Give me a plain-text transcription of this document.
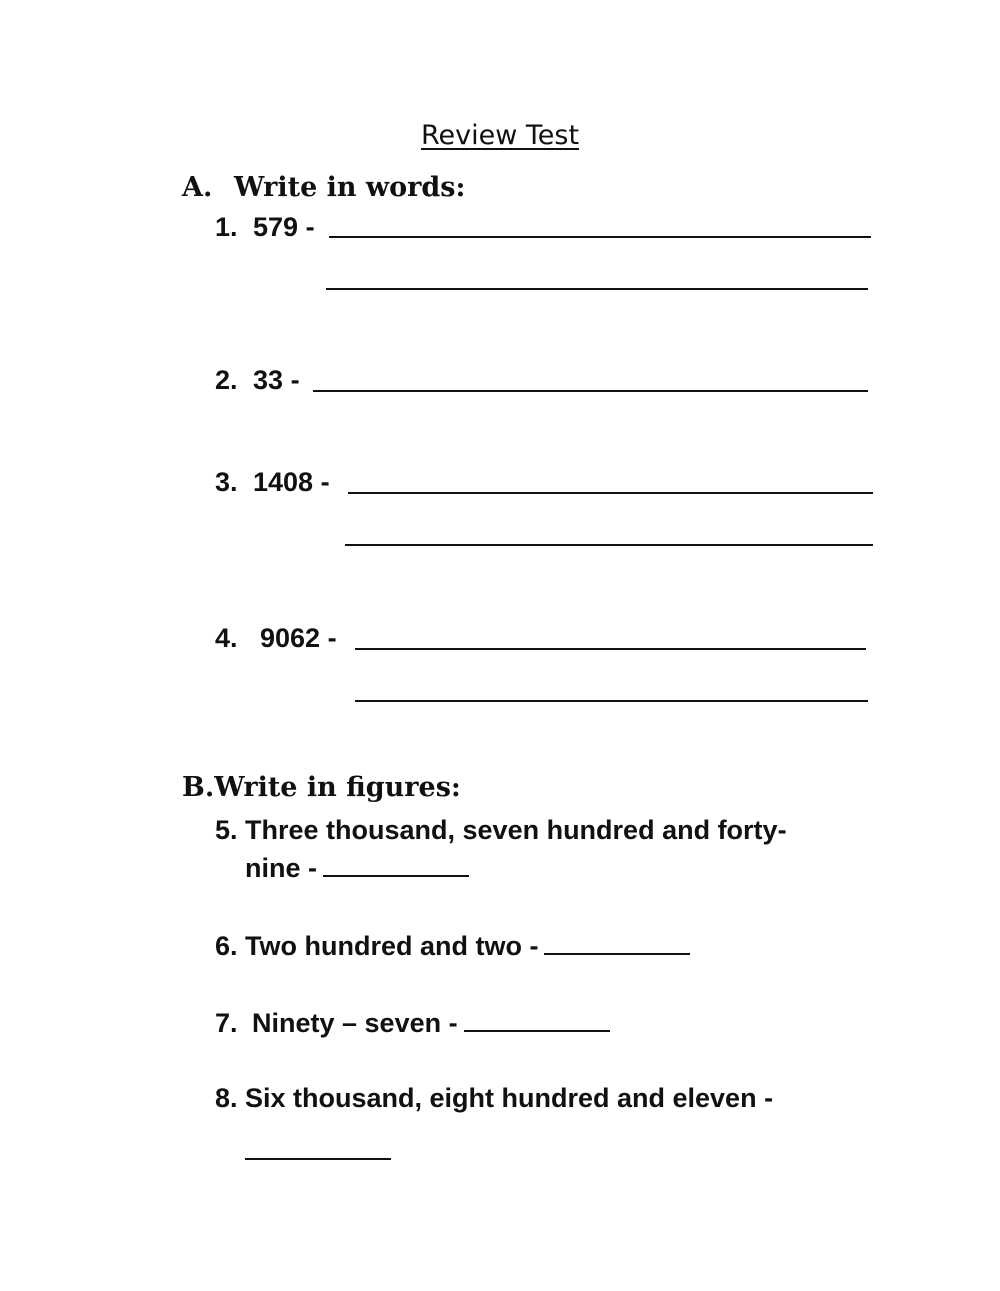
Review Test
A. Write in words:
1. 579 -
2. 33 -
3. 1408 -
4. 9062 -
B.Write in figures:
5. Three thousand, seven hundred and forty-
nine -
6. Two hundred and two -
7. Ninety – seven -
8. Six thousand, eight hundred and eleven -
